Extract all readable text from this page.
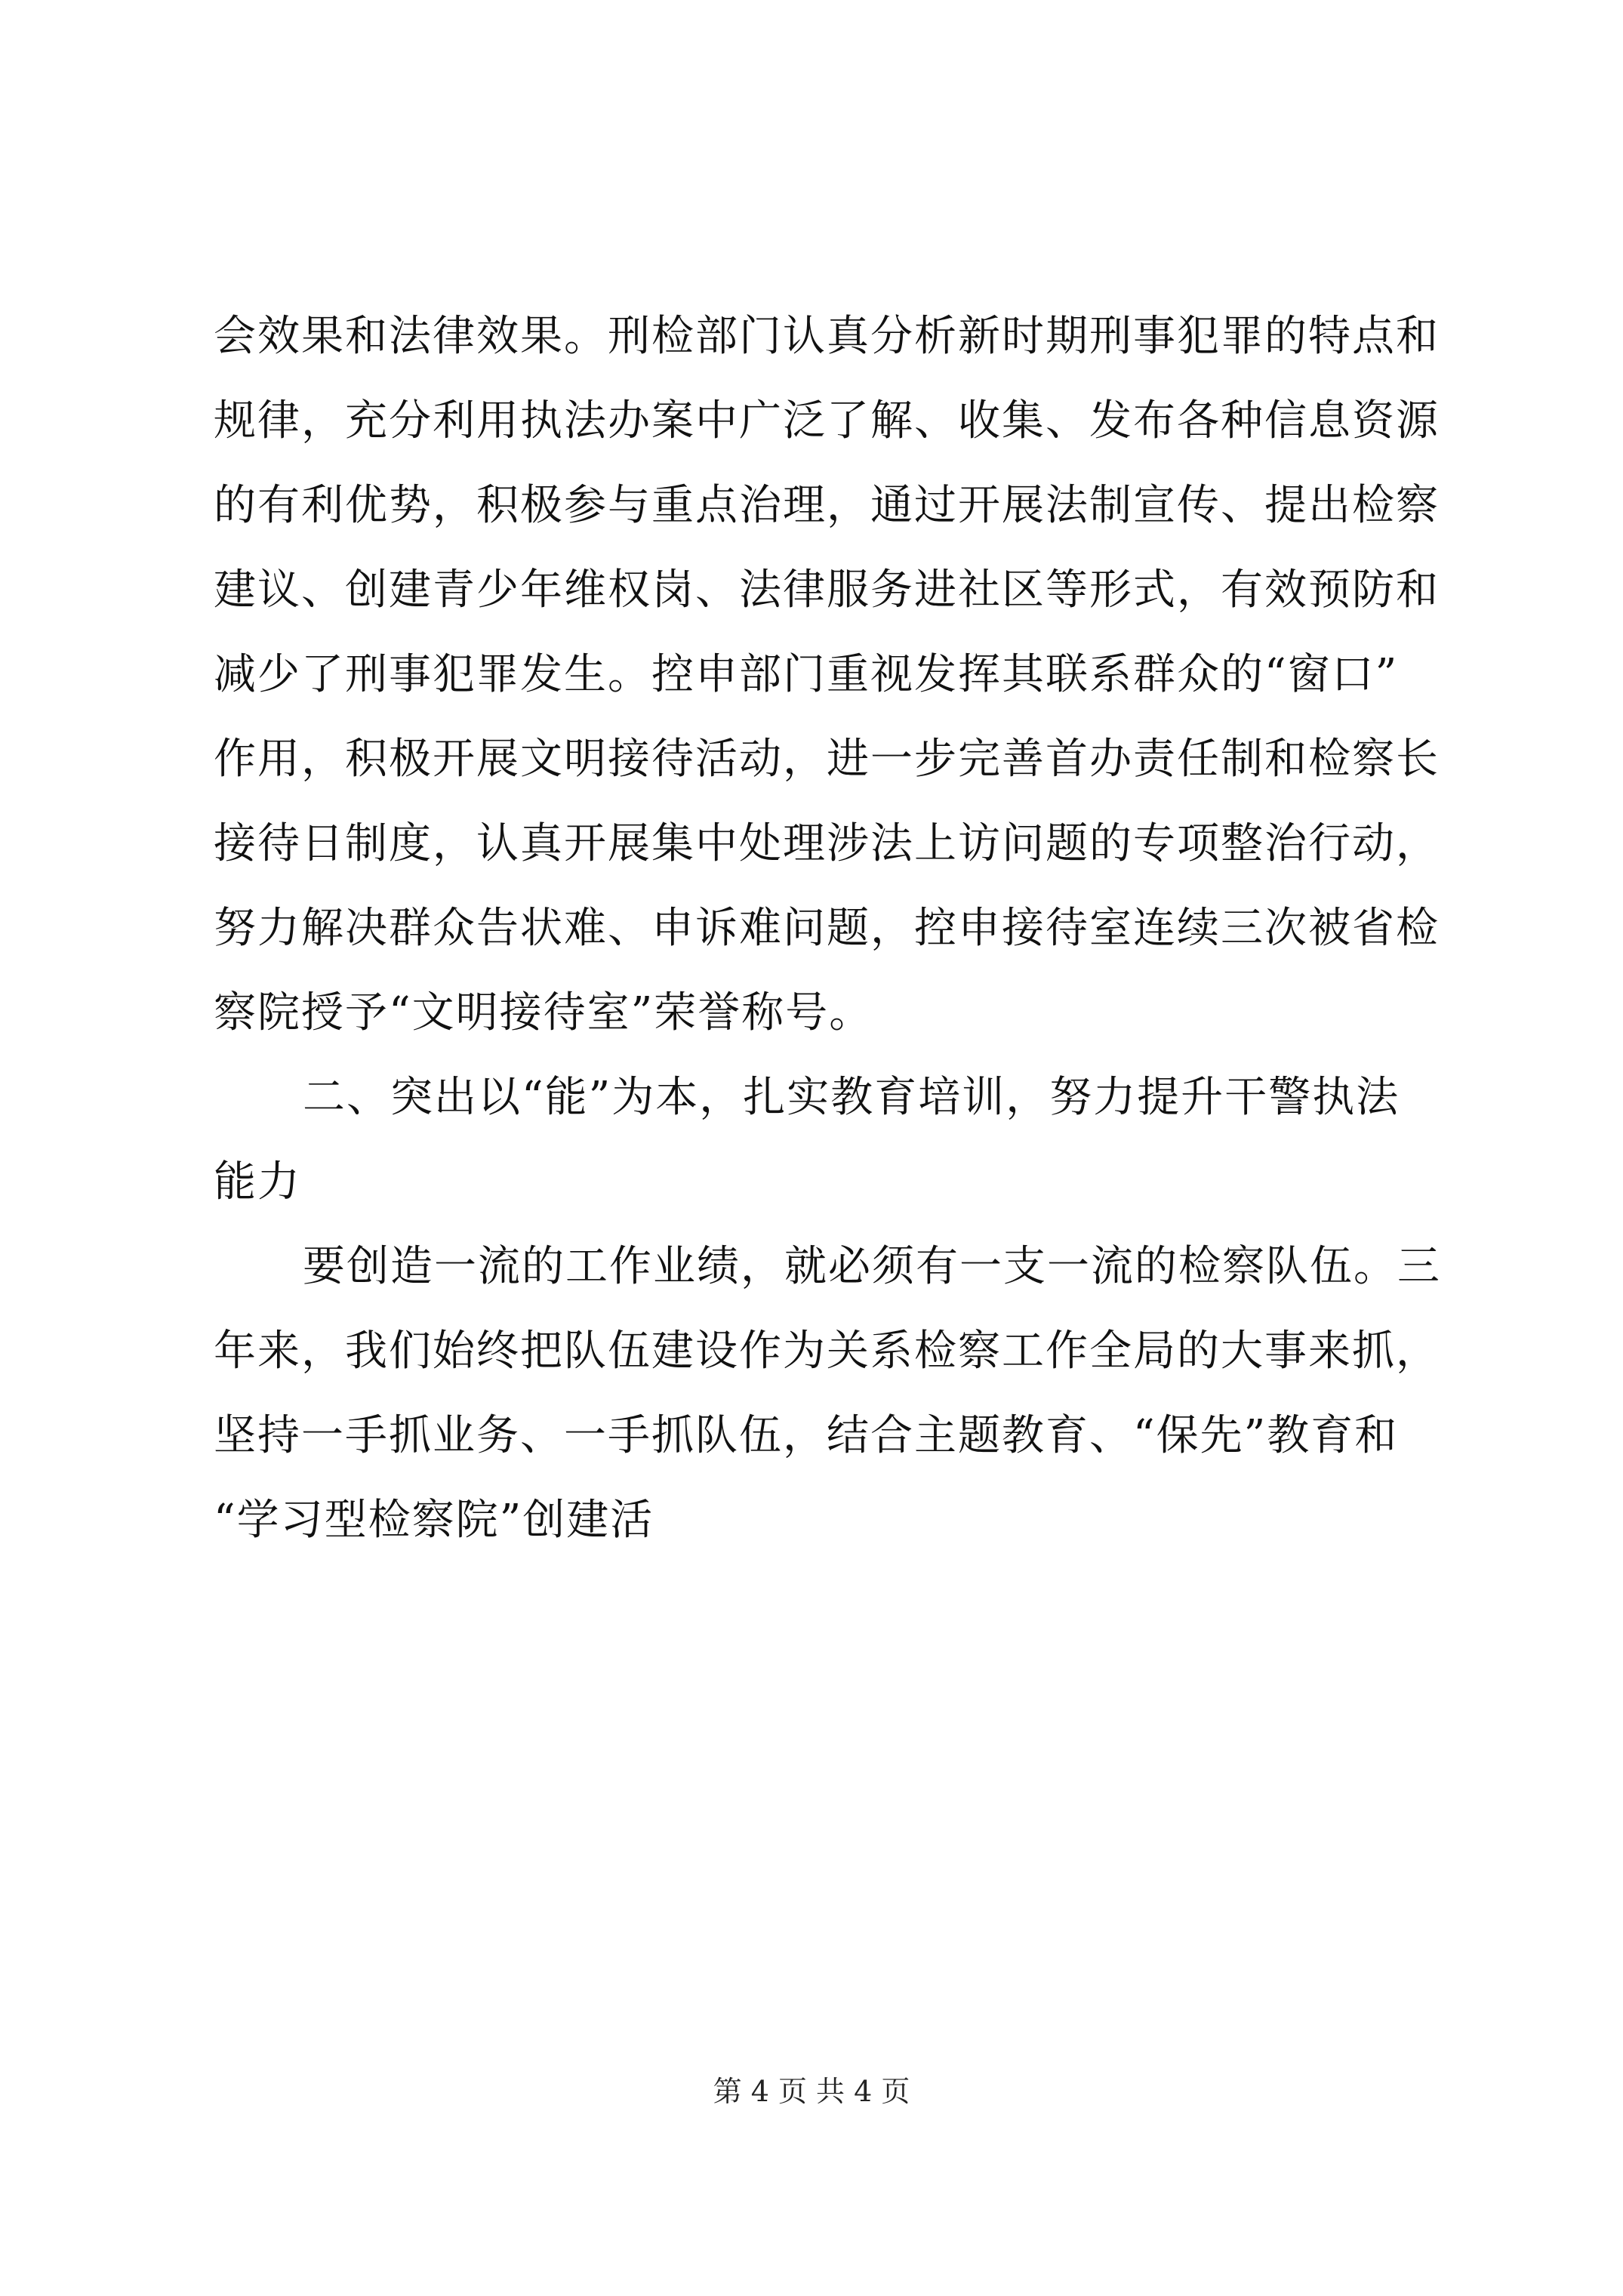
会效果和法律效果。刑检部门认真分析新时期刑事犯罪的特点和
规律，充分利用执法办案中广泛了解、收集、发布各种信息资源
的有利优势，积极参与重点治理，通过开展法制宣传、提出检察
建议、创建青少年维权岗、法律服务进社区等形式，有效预防和
减少了刑事犯罪发生。控申部门重视发挥其联系群众的“窗口”
作用，积极开展文明接待活动，进一步完善首办责任制和检察长
接待日制度，认真开展集中处理涉法上访问题的专项整治行动，
努力解决群众告状难、申诉难问题，控申接待室连续三次被省检
察院授予“文明接待室”荣誉称号。
二、突出以“能”为本，扎实教育培训，努力提升干警执法
能力
要创造一流的工作业绩，就必须有一支一流的检察队伍。三
年来，我们始终把队伍建设作为关系检察工作全局的大事来抓，
坚持一手抓业务、一手抓队伍，结合主题教育、“保先”教育和
“学习型检察院”创建活
第 4 页 共 4 页
